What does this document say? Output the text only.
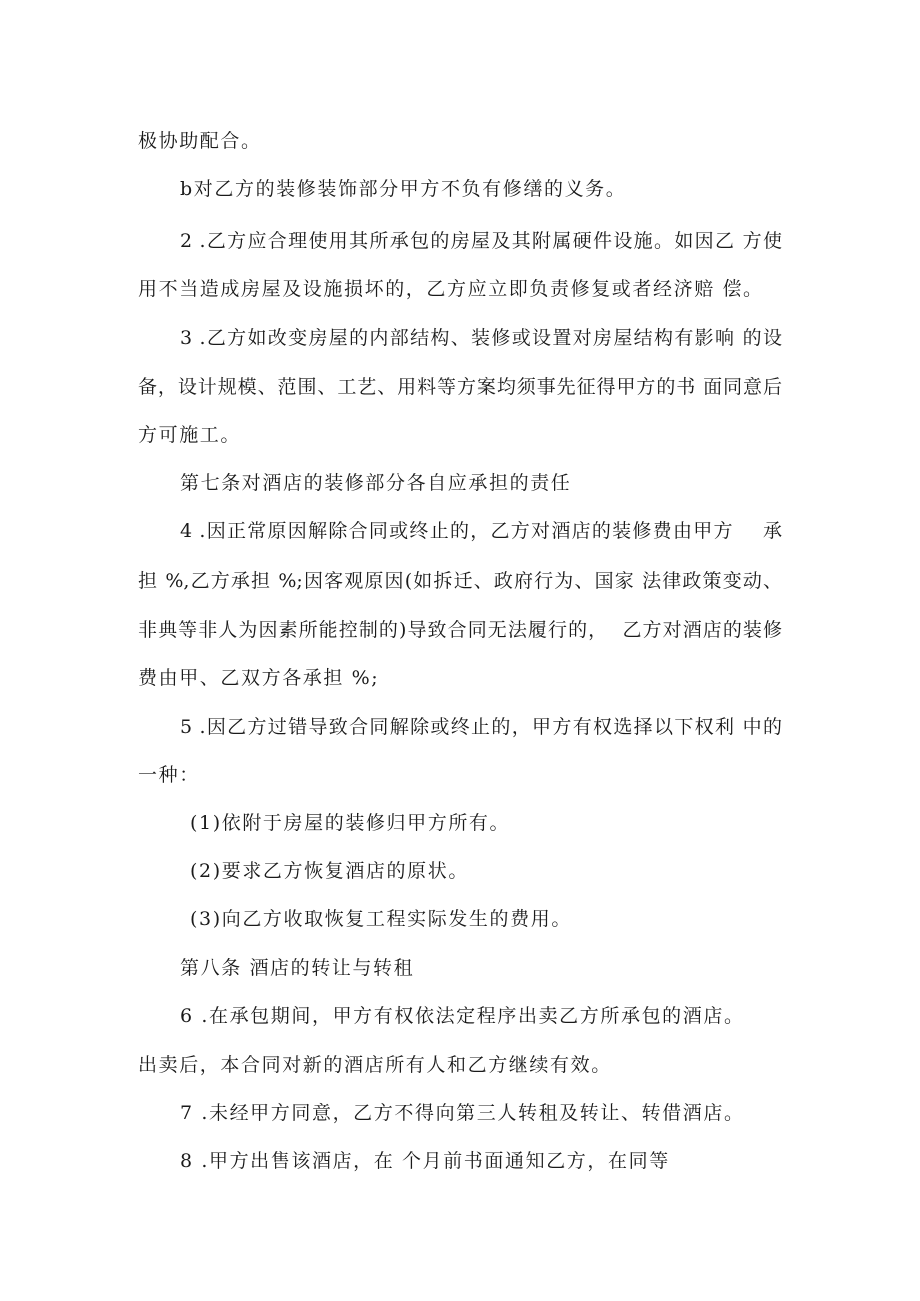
极协助配合。
b对乙方的装修装饰部分甲方不负有修缮的义务。
2 .乙方应合理使用其所承包的房屋及其附属硬件设施。如因乙 方使
用不当造成房屋及设施损坏的，乙方应立即负责修复或者经济赔 偿。
3 .乙方如改变房屋的内部结构、装修或设置对房屋结构有影响 的设
备，设计规模、范围、工艺、用料等方案均须事先征得甲方的书 面同意后
方可施工。
第七条对酒店的装修部分各自应承担的责任
4 .因正常原因解除合同或终止的，乙方对酒店的装修费由甲方    承
担 %,乙方承担 %;因客观原因(如拆迁、政府行为、国家 法律政策变动、
非典等非人为因素所能控制的)导致合同无法履行的，  乙方对酒店的装修
费由甲、乙双方各承担 %;
5 .因乙方过错导致合同解除或终止的，甲方有权选择以下权利 中的
一种：
(1)依附于房屋的装修归甲方所有。
(2)要求乙方恢复酒店的原状。
(3)向乙方收取恢复工程实际发生的费用。
第八条 酒店的转让与转租
6 .在承包期间，甲方有权依法定程序出卖乙方所承包的酒店。
出卖后，本合同对新的酒店所有人和乙方继续有效。
7 .未经甲方同意，乙方不得向第三人转租及转让、转借酒店。
8 .甲方出售该酒店，在 个月前书面通知乙方，在同等
